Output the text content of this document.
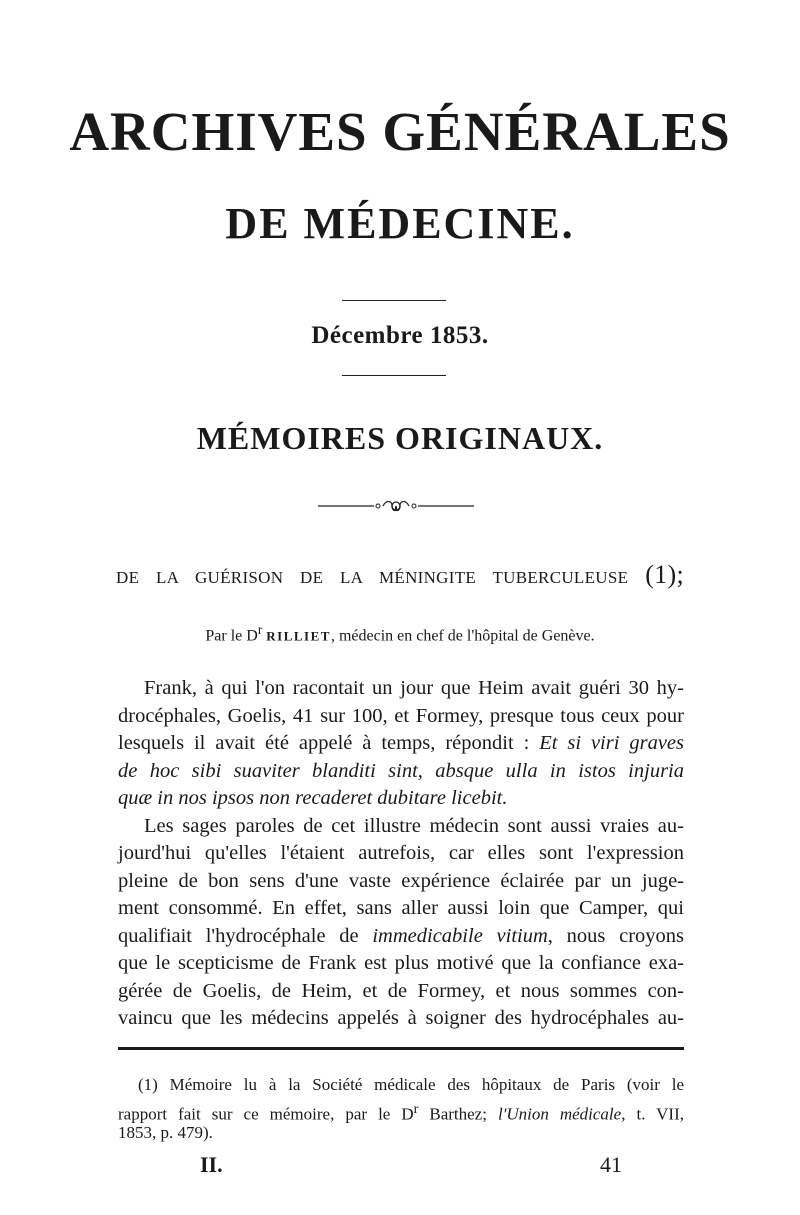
ARCHIVES GÉNÉRALES
DE MÉDECINE.
Décembre 1853.
MÉMOIRES ORIGINAUX.
DE LA GUÉRISON DE LA MÉNINGITE TUBERCULEUSE (1);
Par le $D^r$ RILLIET, médecin en chef de l'hôpital de Genève.
Frank, à qui l'on racontait un jour que Heim avait guéri 30 hy-
drocéphales, Goelis, 41 sur 100, et Formey, presque tous ceux pour
lesquels il avait été appelé à temps, répondit : Et si viri graves
de hoc sibi suaviter blanditi sint, absque ulla in istos injuria
quæ in nos ipsos non recaderet dubitare licebit.
Les sages paroles de cet illustre médecin sont aussi vraies au-
jourd'hui qu'elles l'étaient autrefois, car elles sont l'expression
pleine de bon sens d'une vaste expérience éclairée par un juge-
ment consommé. En effet, sans aller aussi loin que Camper, qui
qualifiait l'hydrocéphale de immedicabile vitium, nous croyons
que le scepticisme de Frank est plus motivé que la confiance exa-
gérée de Goelis, de Heim, et de Formey, et nous sommes con-
vaincu que les médecins appelés à soigner des hydrocéphales au-
(1) Mémoire lu à la Société médicale des hôpitaux de Paris (voir le
rapport fait sur ce mémoire, par le $D^r$ Barthez; l'Union médicale, t. VII,
1853, p. 479).
II.	41
